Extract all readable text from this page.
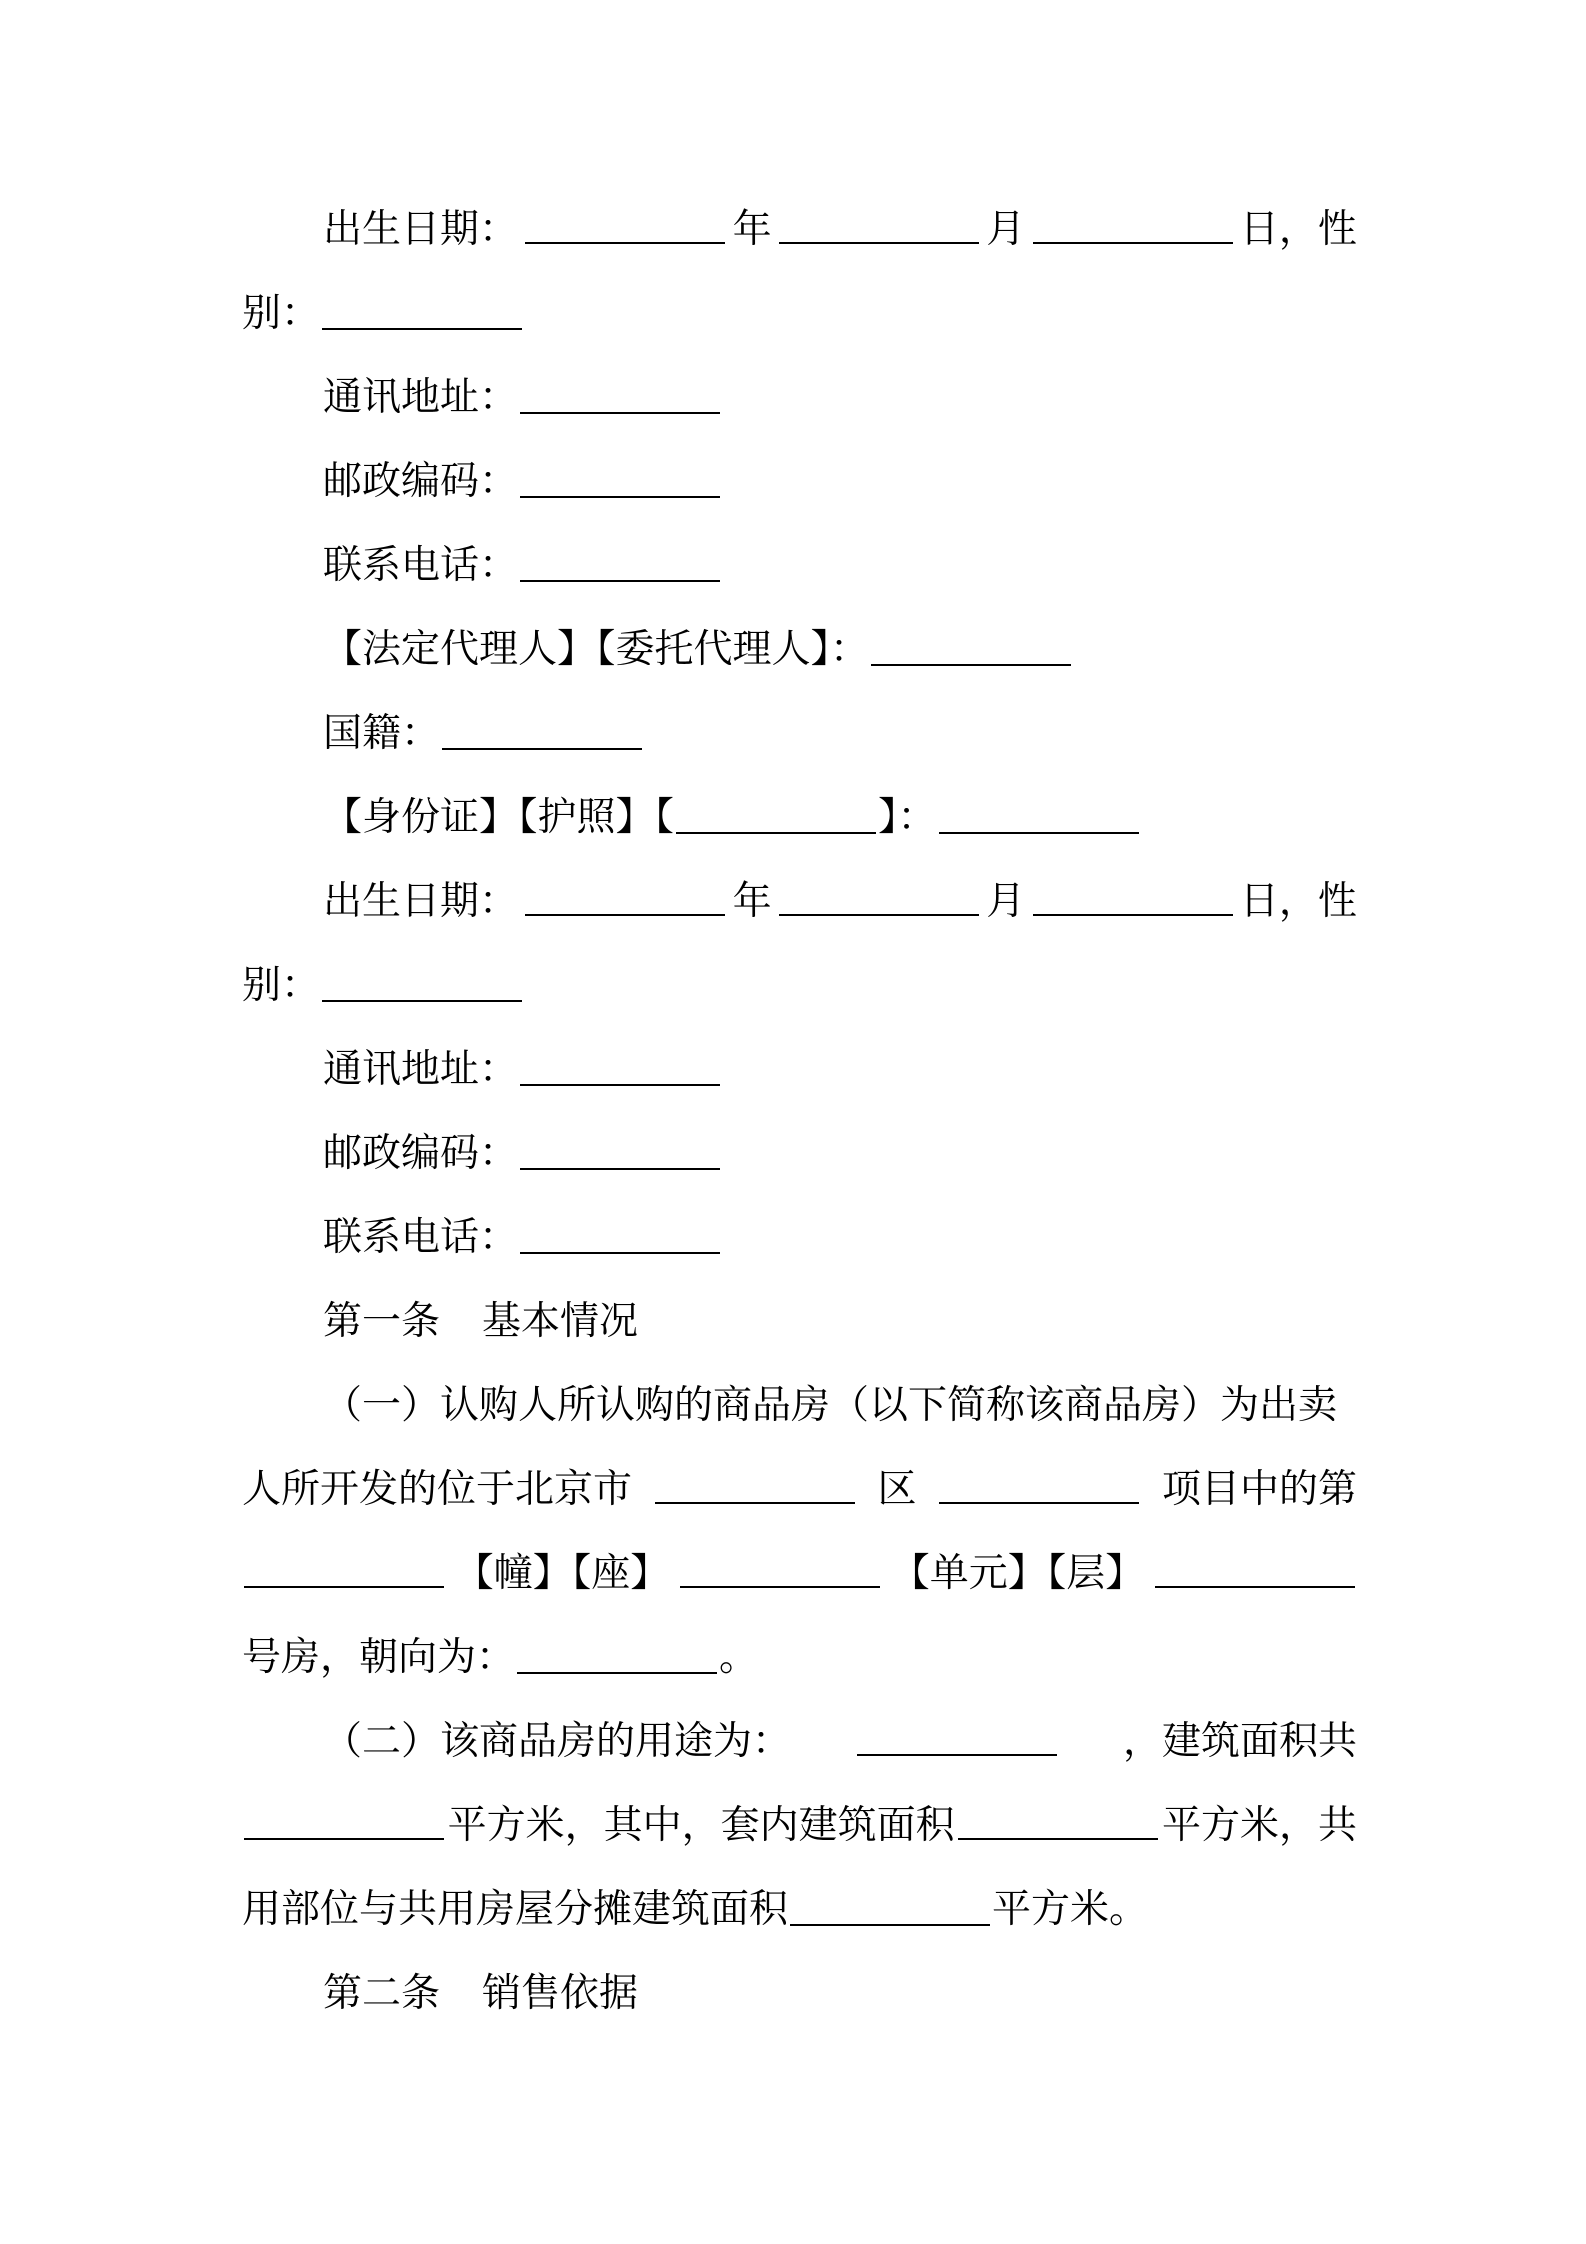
出生日期：	年	月	日，性
别：
通讯地址：
邮政编码：
联系电话：
【法定代理人】【委托代理人】：
国籍：
【身份证】【护照】【	】：
出生日期：	年	月	日，性
别：
通讯地址：
邮政编码：
联系电话：
第一条 基本情况
（一）认购人所认购的商品房（以下简称该商品房）为出卖
人所开发的位于北京市	区	项目中的第
【幢】【座】	【单元】【层】
号房，朝向为：	。
（二）该商品房的用途为：	，建筑面积共
平方米，其中，套内建筑面积	平方米，共
用部位与共用房屋分摊建筑面积	平方米。
第二条 销售依据
